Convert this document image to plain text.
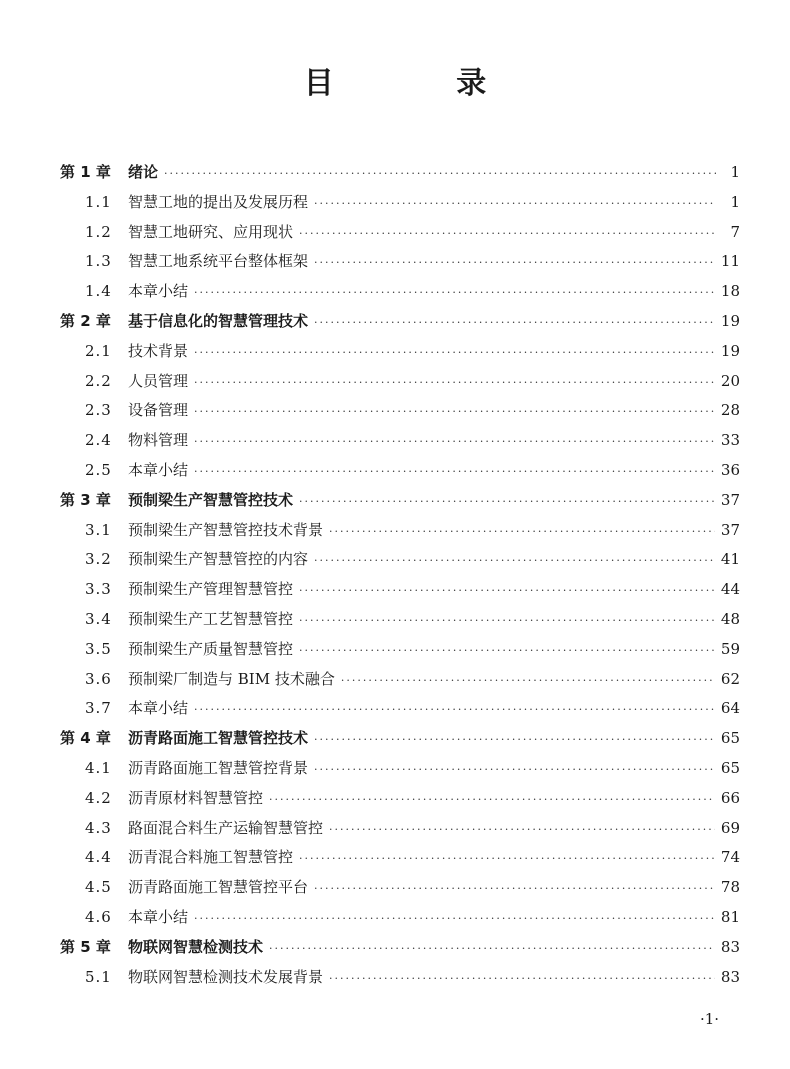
目 录
第 1 章	绪论 ·····	1
1.1	智慧工地的提出及发展历程 ·····	1
1.2	智慧工地研究、应用现状 ·····	7
1.3	智慧工地系统平台整体框架 ·····	11
1.4	本章小结 ·····	18
第 2 章	基于信息化的智慧管理技术 ·····	19
2.1	技术背景 ·····	19
2.2	人员管理 ·····	20
2.3	设备管理 ·····	28
2.4	物料管理 ·····	33
2.5	本章小结 ·····	36
第 3 章	预制梁生产智慧管控技术 ·····	37
3.1	预制梁生产智慧管控技术背景 ·····	37
3.2	预制梁生产智慧管控的内容 ·····	41
3.3	预制梁生产管理智慧管控 ·····	44
3.4	预制梁生产工艺智慧管控 ·····	48
3.5	预制梁生产质量智慧管控 ·····	59
3.6	预制梁厂制造与 BIM 技术融合 ·····	62
3.7	本章小结 ·····	64
第 4 章	沥青路面施工智慧管控技术 ·····	65
4.1	沥青路面施工智慧管控背景 ·····	65
4.2	沥青原材料智慧管控 ·····	66
4.3	路面混合料生产运输智慧管控 ·····	69
4.4	沥青混合料施工智慧管控 ·····	74
4.5	沥青路面施工智慧管控平台 ·····	78
4.6	本章小结 ·····	81
第 5 章	物联网智慧检测技术 ·····	83
5.1	物联网智慧检测技术发展背景 ·····	83
·1·
